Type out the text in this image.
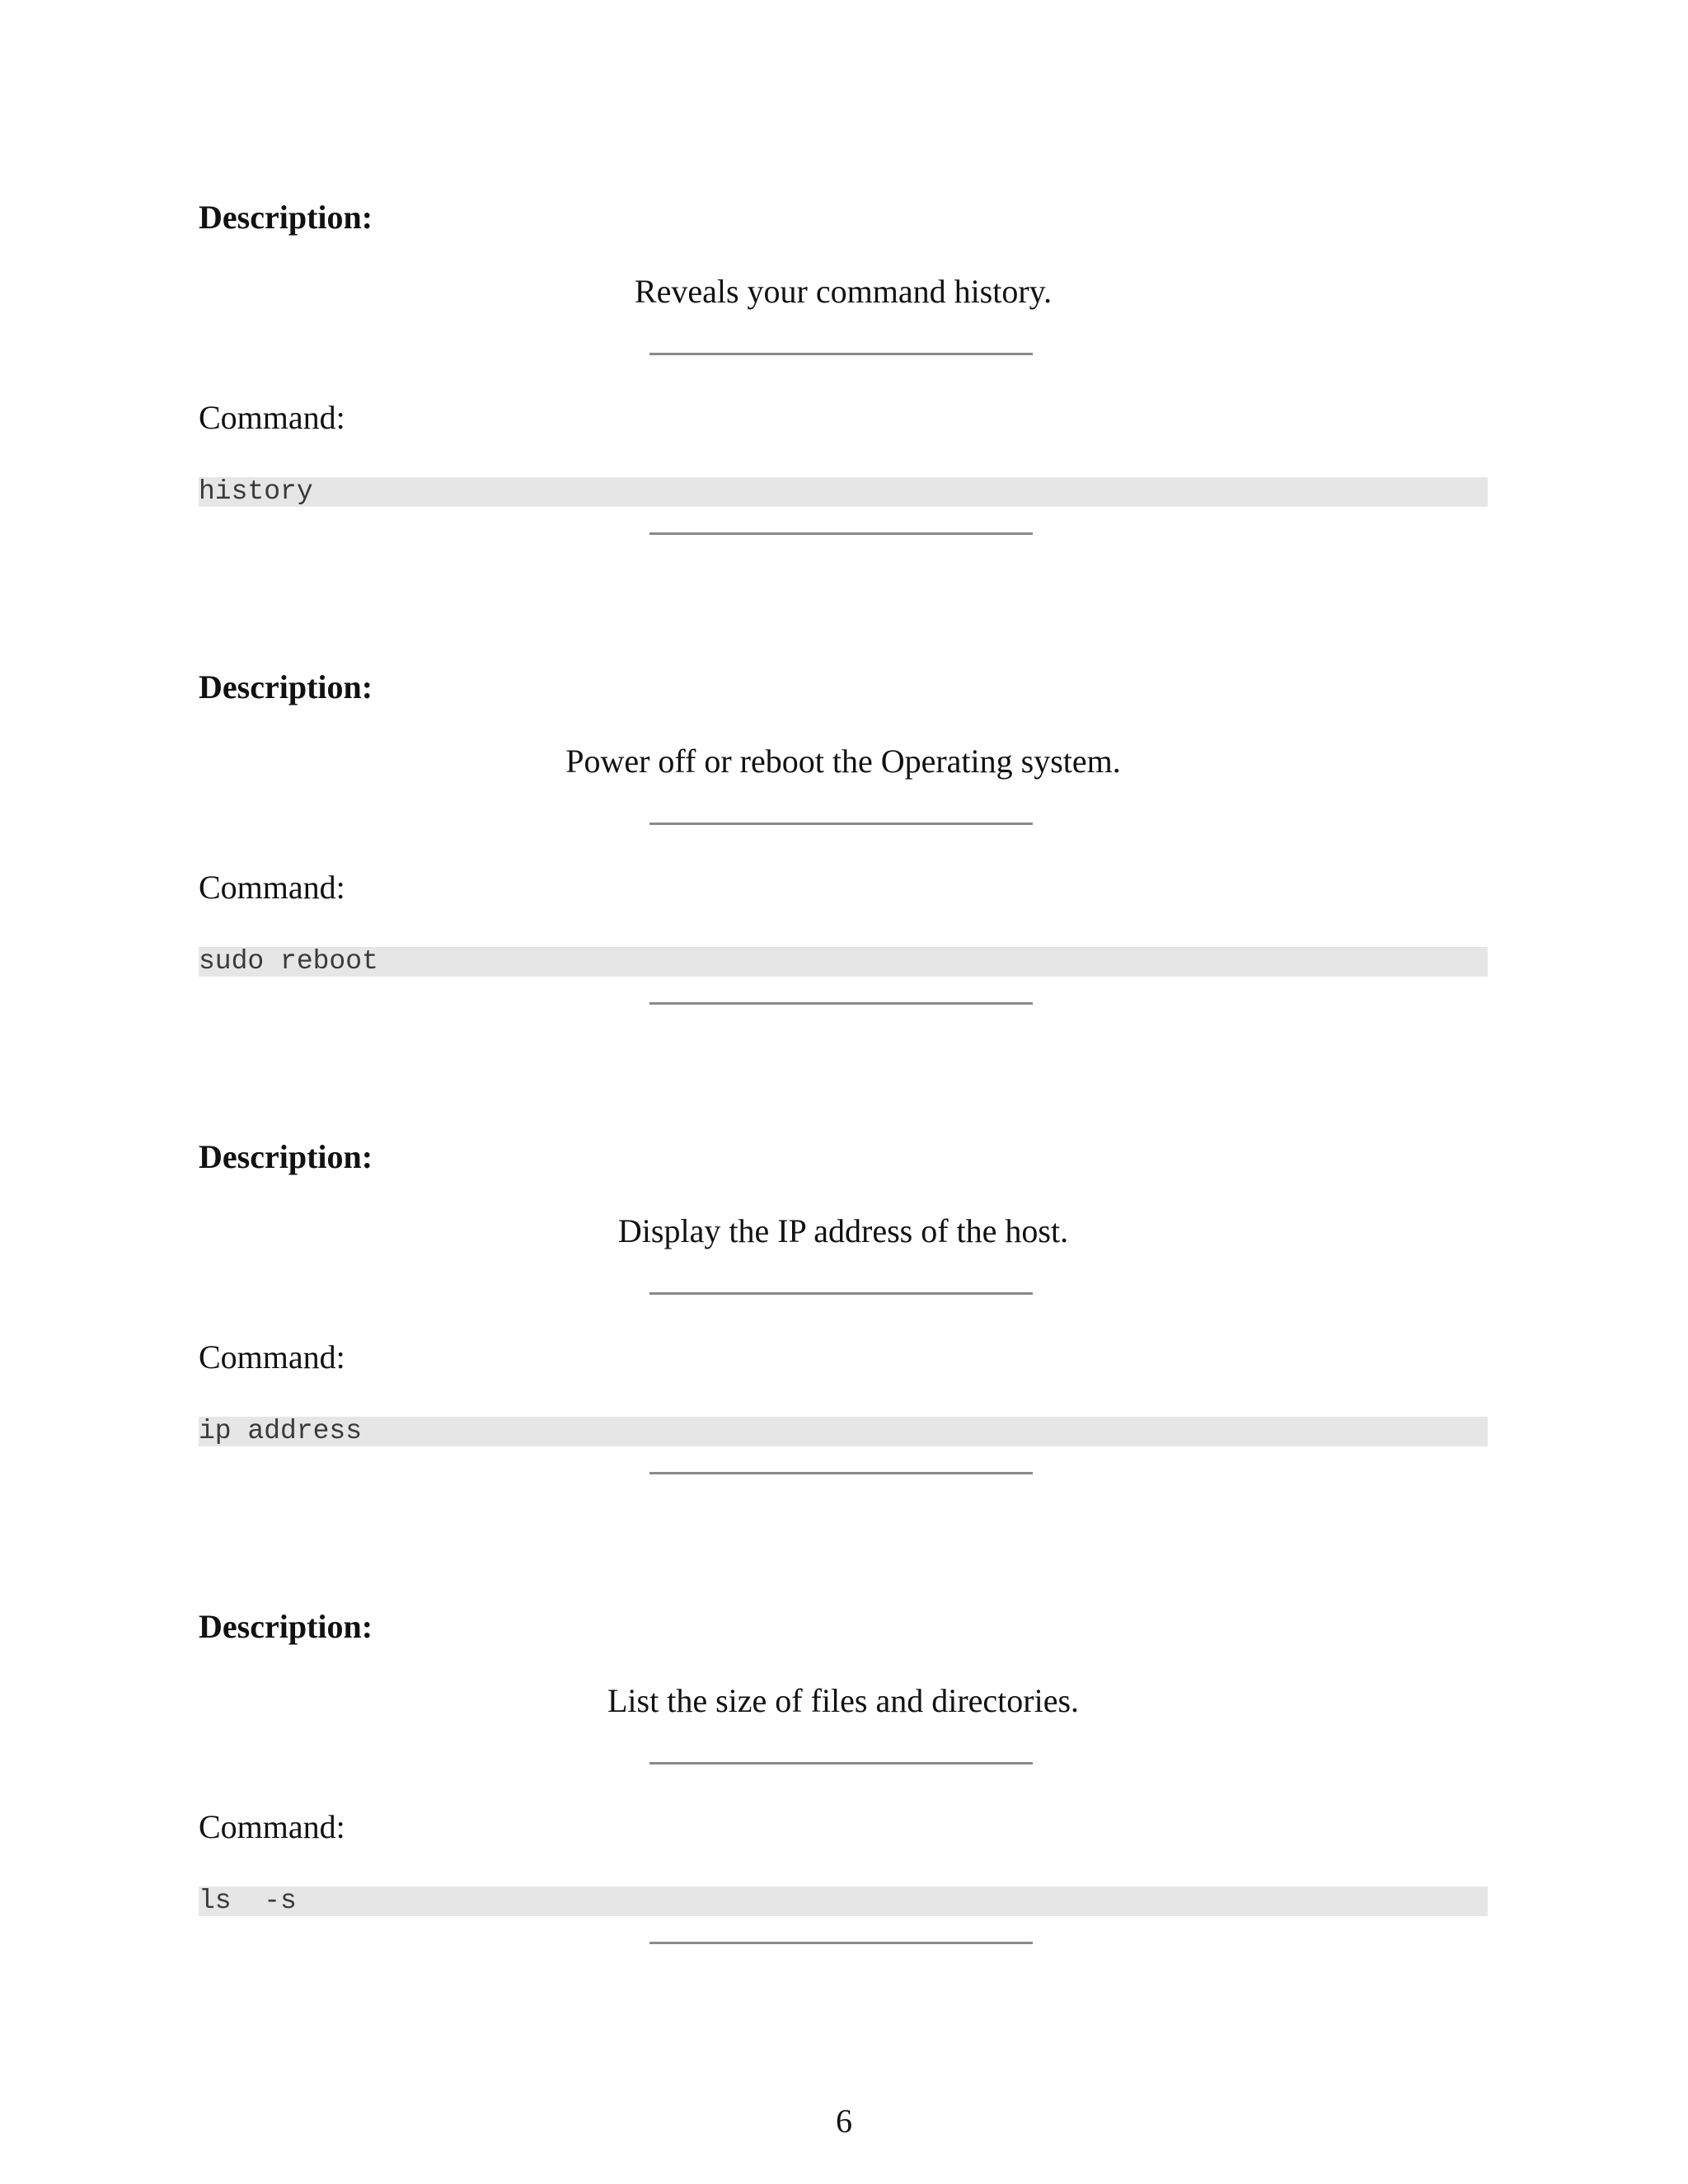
Description:

Reveals your command history.

Command:

history

Description:

Power off or reboot the Operating system.

Command:

sudo reboot

Description:

Display the IP address of the host.

Command:

ip address

Description:

List the size of files and directories.

Command:

ls  -s

6
